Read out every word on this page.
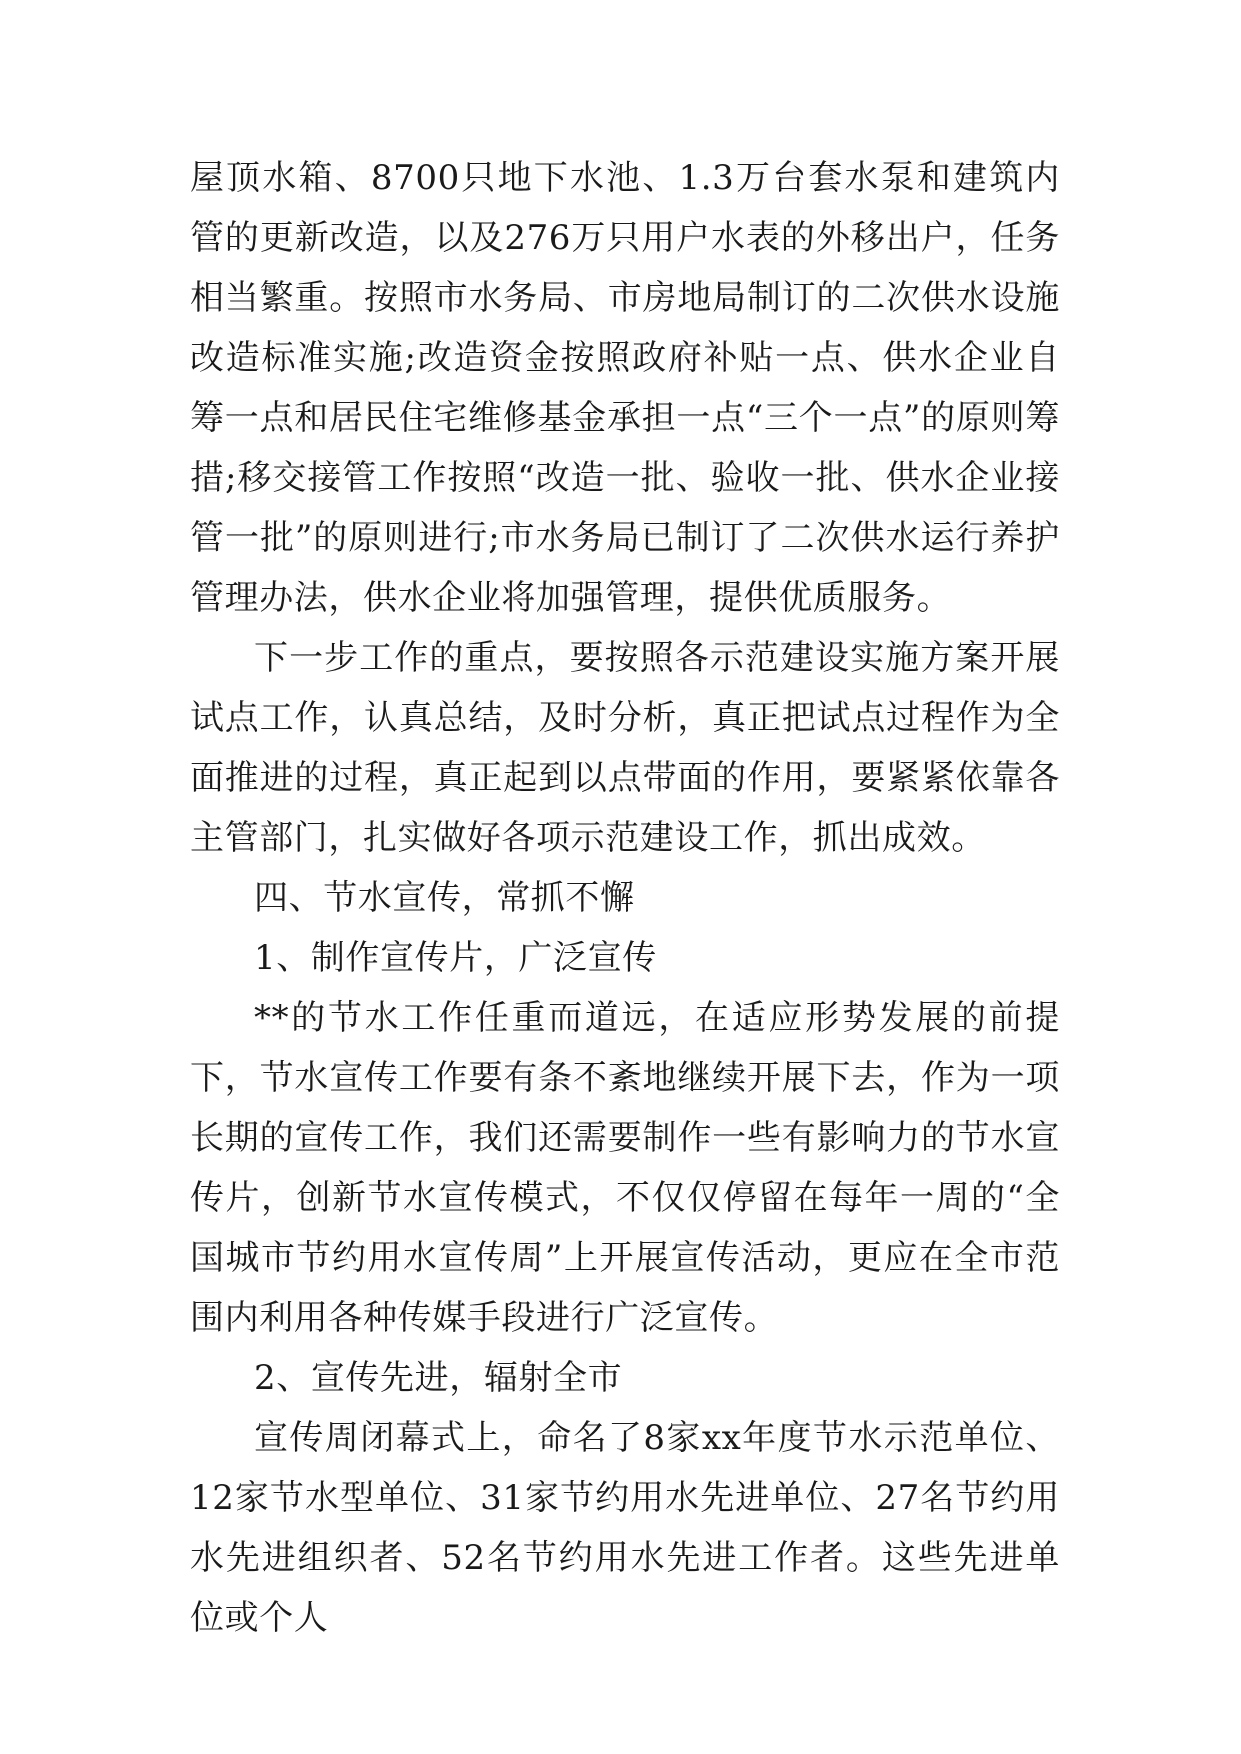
屋顶水箱、8700只地下水池、1.3万台套水泵和建筑内管的更新改造，以及276万只用户水表的外移出户，任务相当繁重。按照市水务局、市房地局制订的二次供水设施改造标准实施;改造资金按照政府补贴一点、供水企业自筹一点和居民住宅维修基金承担一点“三个一点”的原则筹措;移交接管工作按照“改造一批、验收一批、供水企业接管一批”的原则进行;市水务局已制订了二次供水运行养护管理办法，供水企业将加强管理，提供优质服务。

下一步工作的重点，要按照各示范建设实施方案开展试点工作，认真总结，及时分析，真正把试点过程作为全面推进的过程，真正起到以点带面的作用，要紧紧依靠各主管部门，扎实做好各项示范建设工作，抓出成效。

四、节水宣传，常抓不懈

1、制作宣传片，广泛宣传

**的节水工作任重而道远，在适应形势发展的前提下，节水宣传工作要有条不紊地继续开展下去，作为一项长期的宣传工作，我们还需要制作一些有影响力的节水宣传片，创新节水宣传模式，不仅仅停留在每年一周的“全国城市节约用水宣传周”上开展宣传活动，更应在全市范围内利用各种传媒手段进行广泛宣传。

2、宣传先进，辐射全市

宣传周闭幕式上，命名了8家xx年度节水示范单位、12家节水型单位、31家节约用水先进单位、27名节约用水先进组织者、52名节约用水先进工作者。这些先进单位或个人
